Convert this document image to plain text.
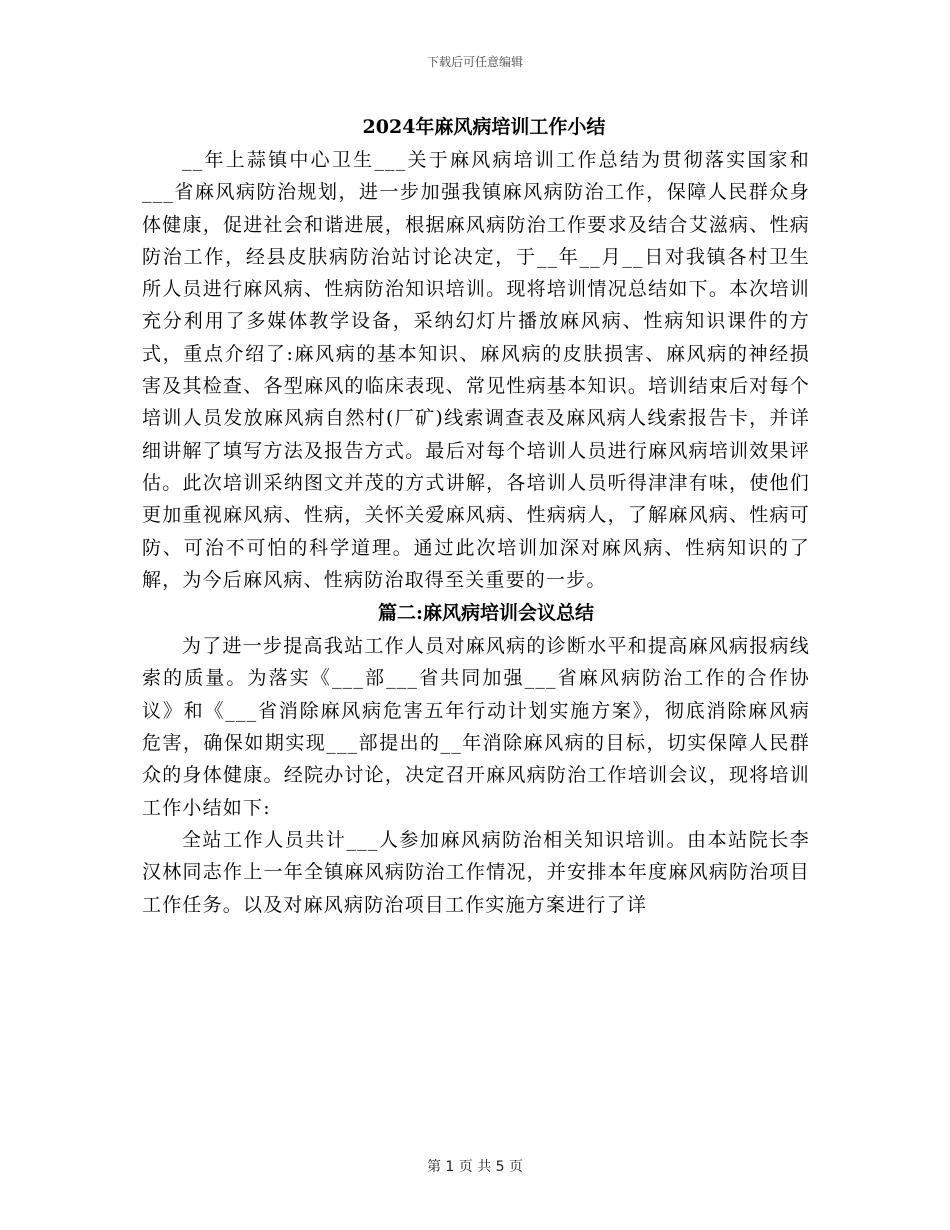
下载后可任意编辑
2024年麻风病培训工作小结

__年上蒜镇中心卫生___关于麻风病培训工作总结为贯彻落实国家和___省麻风病防治规划，进一步加强我镇麻风病防治工作，保障人民群众身体健康，促进社会和谐进展，根据麻风病防治工作要求及结合艾滋病、性病防治工作，经县皮肤病防治站讨论决定，于__年__月__日对我镇各村卫生所人员进行麻风病、性病防治知识培训。现将培训情况总结如下。本次培训充分利用了多媒体教学设备，采纳幻灯片播放麻风病、性病知识课件的方式，重点介绍了:麻风病的基本知识、麻风病的皮肤损害、麻风病的神经损害及其检查、各型麻风的临床表现、常见性病基本知识。培训结束后对每个培训人员发放麻风病自然村(厂矿)线索调查表及麻风病人线索报告卡，并详细讲解了填写方法及报告方式。最后对每个培训人员进行麻风病培训效果评估。此次培训采纳图文并茂的方式讲解，各培训人员听得津津有味，使他们更加重视麻风病、性病，关怀关爱麻风病、性病病人，了解麻风病、性病可防、可治不可怕的科学道理。通过此次培训加深对麻风病、性病知识的了解，为今后麻风病、性病防治取得至关重要的一步。

篇二:麻风病培训会议总结

为了进一步提高我站工作人员对麻风病的诊断水平和提高麻风病报病线索的质量。为落实《___部___省共同加强___省麻风病防治工作的合作协议》和《___省消除麻风病危害五年行动计划实施方案》，彻底消除麻风病危害，确保如期实现___部提出的__年消除麻风病的目标，切实保障人民群众的身体健康。经院办讨论，决定召开麻风病防治工作培训会议，现将培训工作小结如下:

全站工作人员共计___人参加麻风病防治相关知识培训。由本站院长李汉林同志作上一年全镇麻风病防治工作情况，并安排本年度麻风病防治项目工作任务。以及对麻风病防治项目工作实施方案进行了详

第 1 页 共 5 页
